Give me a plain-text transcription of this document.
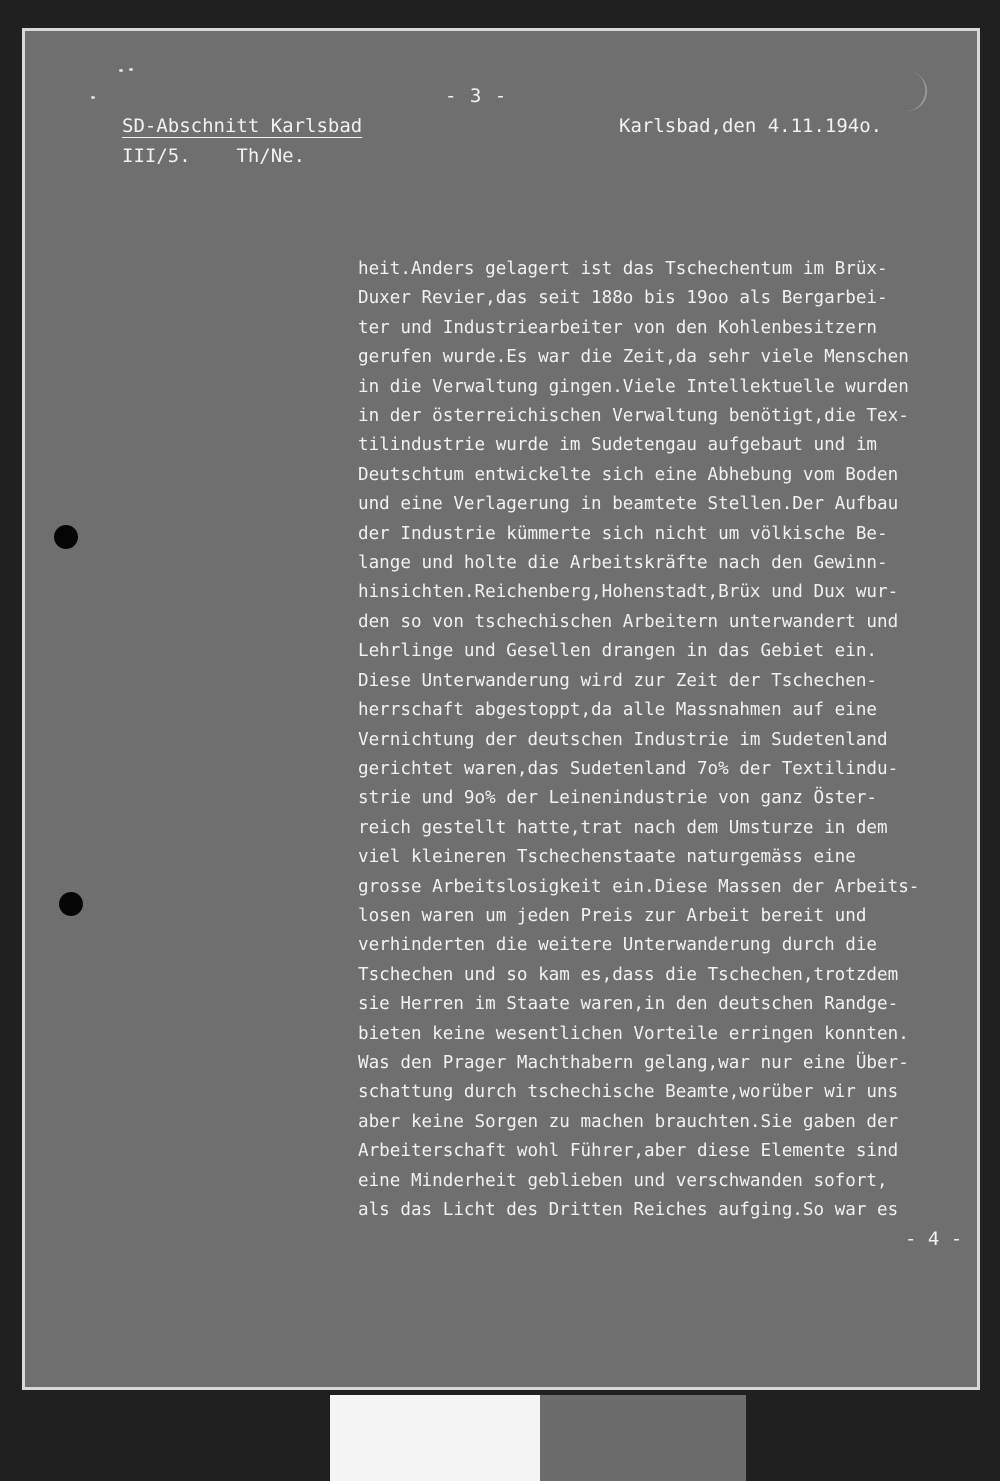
- 3 -
SD-Abschnitt Karlsbad
III/5.    Th/Ne.
Karlsbad,den 4.11.194o.
heit.Anders gelagert ist das Tschechentum im Brüx-
Duxer Revier,das seit 188o bis 19oo als Bergarbei-
ter und Industriearbeiter von den Kohlenbesitzern
gerufen wurde.Es war die Zeit,da sehr viele Menschen
in die Verwaltung gingen.Viele Intellektuelle wurden
in der österreichischen Verwaltung benötigt,die Tex-
tilindustrie wurde im Sudetengau aufgebaut und im
Deutschtum entwickelte sich eine Abhebung vom Boden
und eine Verlagerung in beamtete Stellen.Der Aufbau
der Industrie kümmerte sich nicht um völkische Be-
lange und holte die Arbeitskräfte nach den Gewinn-
hinsichten.Reichenberg,Hohenstadt,Brüx und Dux wur-
den so von tschechischen Arbeitern unterwandert und
Lehrlinge und Gesellen drangen in das Gebiet ein.
Diese Unterwanderung wird zur Zeit der Tschechen-
herrschaft abgestoppt,da alle Massnahmen auf eine
Vernichtung der deutschen Industrie im Sudetenland
gerichtet waren,das Sudetenland 7o% der Textilindu-
strie und 9o% der Leinenindustrie von ganz Öster-
reich gestellt hatte,trat nach dem Umsturze in dem
viel kleineren Tschechenstaate naturgemäss eine
grosse Arbeitslosigkeit ein.Diese Massen der Arbeits-
losen waren um jeden Preis zur Arbeit bereit und
verhinderten die weitere Unterwanderung durch die
Tschechen und so kam es,dass die Tschechen,trotzdem
sie Herren im Staate waren,in den deutschen Randge-
bieten keine wesentlichen Vorteile erringen konnten.
Was den Prager Machthabern gelang,war nur eine Über-
schattung durch tschechische Beamte,worüber wir uns
aber keine Sorgen zu machen brauchten.Sie gaben der
Arbeiterschaft wohl Führer,aber diese Elemente sind
eine Minderheit geblieben und verschwanden sofort,
als das Licht des Dritten Reiches aufging.So war es
- 4 -
